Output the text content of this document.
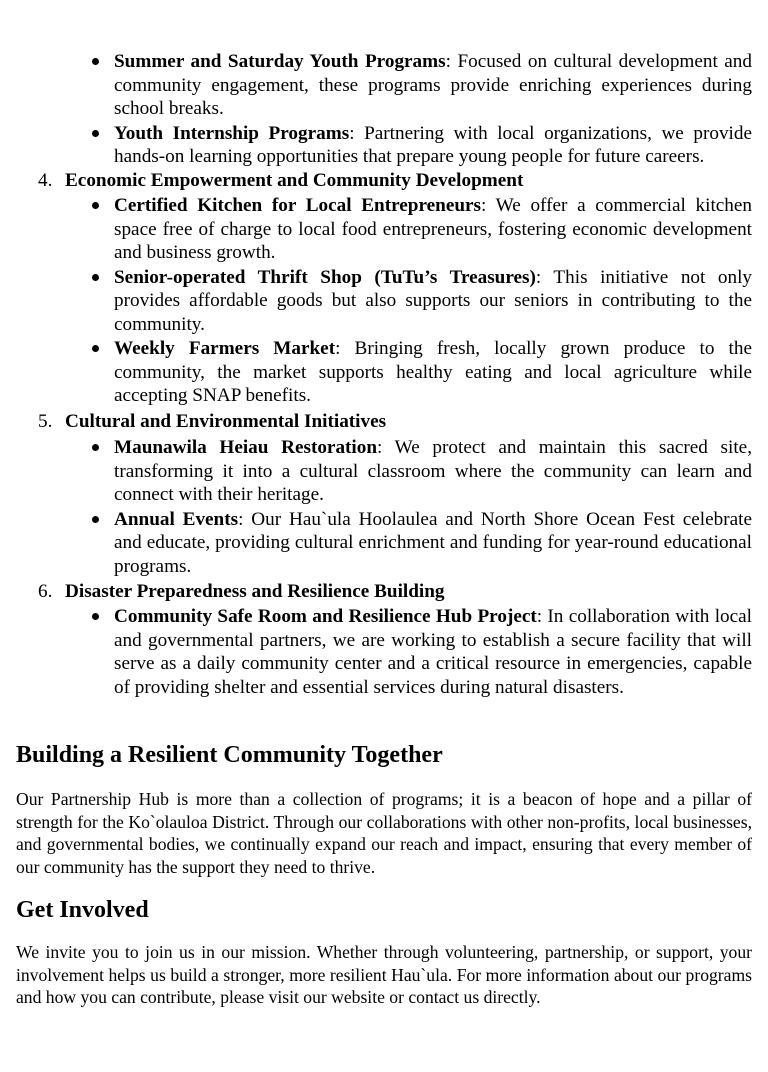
Summer and Saturday Youth Programs: Focused on cultural development and community engagement, these programs provide enriching experiences during school breaks.
Youth Internship Programs: Partnering with local organizations, we provide hands-on learning opportunities that prepare young people for future careers.
4. Economic Empowerment and Community Development
Certified Kitchen for Local Entrepreneurs: We offer a commercial kitchen space free of charge to local food entrepreneurs, fostering economic development and business growth.
Senior-operated Thrift Shop (TuTu’s Treasures): This initiative not only provides affordable goods but also supports our seniors in contributing to the community.
Weekly Farmers Market: Bringing fresh, locally grown produce to the community, the market supports healthy eating and local agriculture while accepting SNAP benefits.
5. Cultural and Environmental Initiatives
Maunawila Heiau Restoration: We protect and maintain this sacred site, transforming it into a cultural classroom where the community can learn and connect with their heritage.
Annual Events: Our Hau`ula Hoolaulea and North Shore Ocean Fest celebrate and educate, providing cultural enrichment and funding for year-round educational programs.
6. Disaster Preparedness and Resilience Building
Community Safe Room and Resilience Hub Project: In collaboration with local and governmental partners, we are working to establish a secure facility that will serve as a daily community center and a critical resource in emergencies, capable of providing shelter and essential services during natural disasters.
Building a Resilient Community Together

Our Partnership Hub is more than a collection of programs; it is a beacon of hope and a pillar of strength for the Ko`olauloa District. Through our collaborations with other non-profits, local businesses, and governmental bodies, we continually expand our reach and impact, ensuring that every member of our community has the support they need to thrive.

Get Involved

We invite you to join us in our mission. Whether through volunteering, partnership, or support, your involvement helps us build a stronger, more resilient Hau`ula. For more information about our programs and how you can contribute, please visit our website or contact us directly.
